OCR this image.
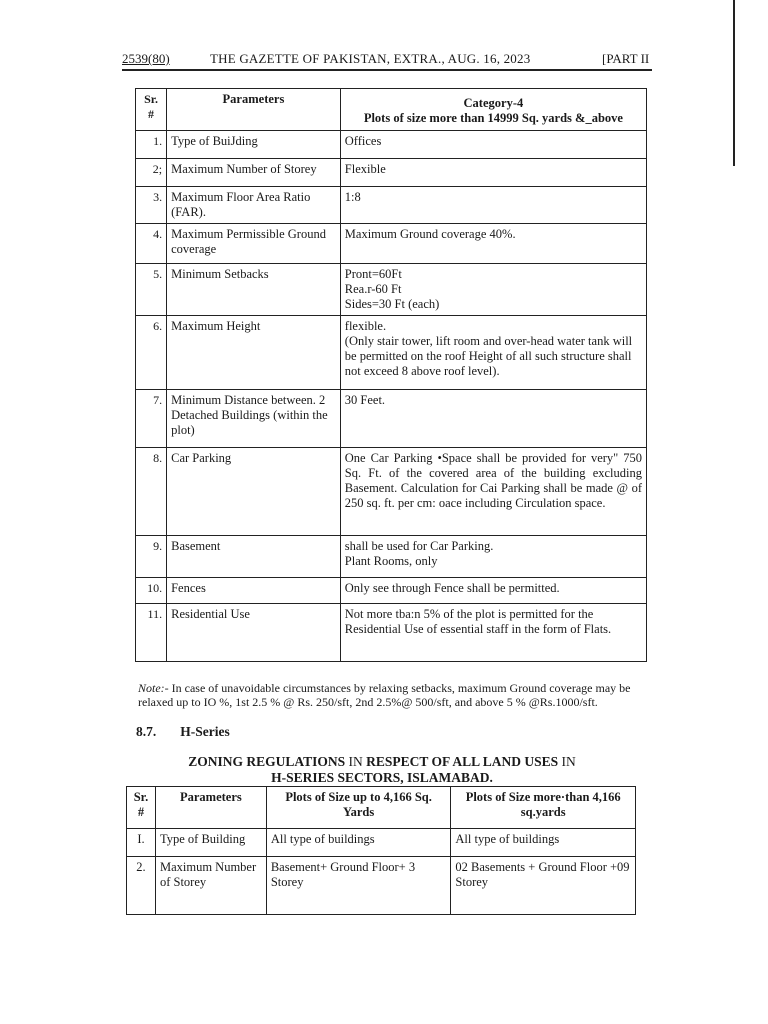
2539(80)	THE GAZETTE OF PAKISTAN, EXTRA., AUG. 16, 2023	[PART II
Sr. #	Parameters	Category-4
Plots of size more than 14999 Sq. yards &_above

1.	Type of BuiJding	Offices
2;	Maximum Number of Storey	Flexible
3.	Maximum Floor Area Ratio (FAR).	1:8
4.	Maximum Permissible Ground coverage	Maximum Ground coverage 40%.
5.	Minimum Setbacks	Pront=60Ft
Rea.r-60 Ft
Sides=30 Ft (each)

6.	Maximum Height	flexible.
(Only stair tower, lift room and over-head water tank will be permitted on the roof Height of all such structure shall not exceed 8 above roof level).

7.	Minimum Distance between. 2 Detached Buildings (within the plot)	30 Feet.
8.	Car Parking	One Car Parking •Space shall be provided for very" 750 Sq. Ft. of the covered area of the building excluding Basement. Calculation for Cai Parking shall be made @ of 250 sq. ft. per cm: oace including Circulation space.
9.	Basement	shall be used for Car Parking.
Plant Rooms, only

10.	Fences	Only see through Fence shall be permitted.
11.	Residential Use	Not more tba:n 5% of the plot is permitted for the Residential Use of essential staff in the form of Flats.
Note:- In case of unavoidable circumstances by relaxing setbacks, maximum Ground coverage may be relaxed up to IO %, 1st 2.5 % @ Rs. 250/sft, 2nd 2.5%@ 500/sft, and above 5 % @Rs.1000/sft.
8.7. H-Series
ZONING REGULATIONS IN RESPECT OF ALL LAND USES IN
H-SERIES SECTORS, ISLAMABAD.
Sr. #	Parameters	Plots of Size up to 4,166 Sq. Yards	Plots of Size more·than 4,166 sq.yards
I.	Type of Building	All type of buildings	All type of buildings
2.	Maximum Number of Storey	Basement+ Ground Floor+ 3 Storey	02 Basements + Ground Floor +09 Storey
